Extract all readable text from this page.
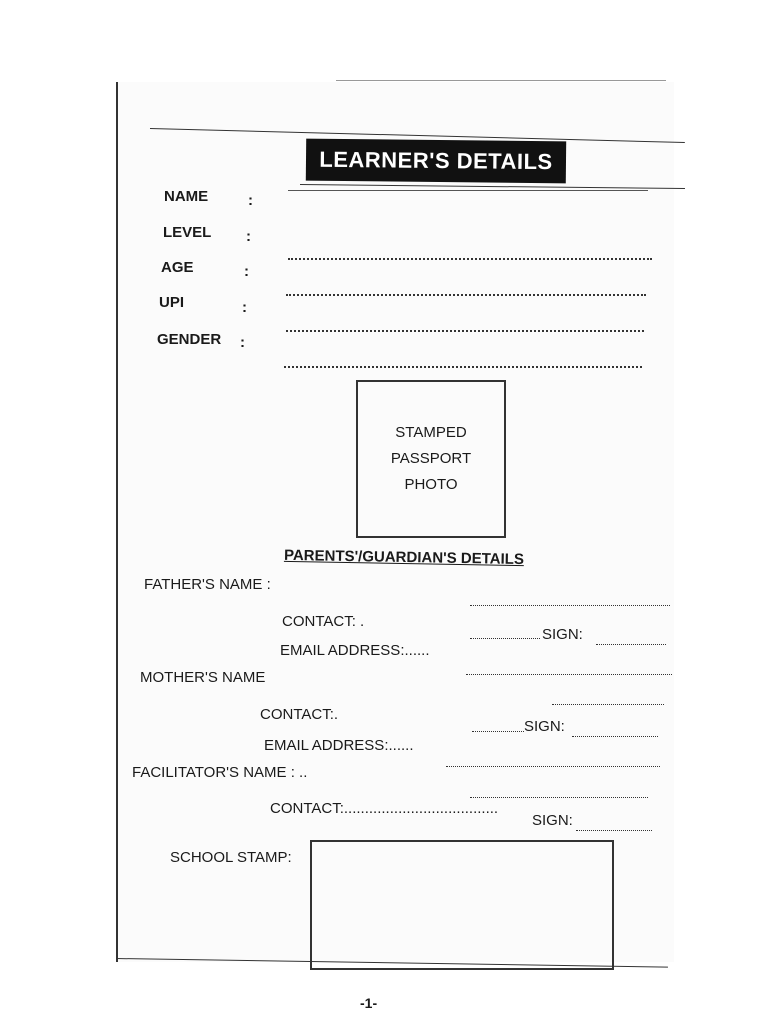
LEARNER'S DETAILS
NAME	:
LEVEL :
AGE	:
UPI	:
GENDER :
STAMPED
PASSPORT
PHOTO
PARENTS'/GUARDIAN'S DETAILS
FATHER'S NAME :
CONTACT: .
SIGN:
EMAIL ADDRESS:......
MOTHER'S NAME
CONTACT:.
SIGN:
EMAIL ADDRESS:......
FACILITATOR'S NAME : ..
CONTACT:.....................................
SIGN:
SCHOOL STAMP:
-1-
